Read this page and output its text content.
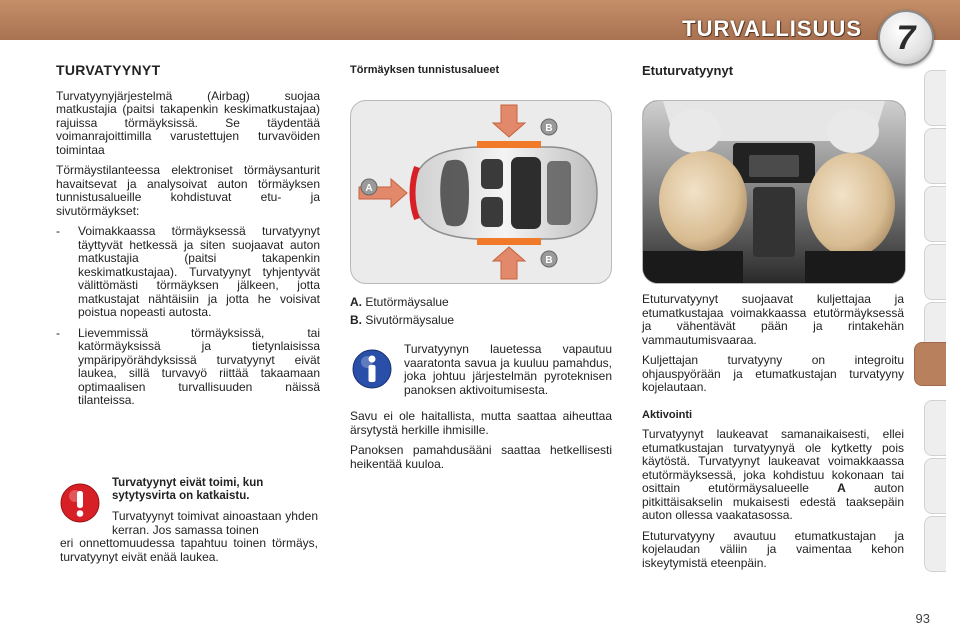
TURVALLISUUS 7
TURVATYYNYT

Turvatyynyjärjestelmä (Airbag) suojaa matkustajia (paitsi takapenkin keskimatkustajaa) rajuissa törmäyksissä. Se täydentää voimanrajoittimilla varustettujen turvavöiden toimintaa

Törmäystilanteessa elektroniset törmäysanturit havaitsevat ja analysoivat auton törmäyksen tunnistusalueille kohdistuvat etu- ja sivutörmäykset:

- Voimakkaassa törmäyksessä turvatyynyt täyttyvät hetkessä ja siten suojaavat auton matkustajia (paitsi takapenkin keskimatkustajaa). Turvatyynyt tyhjentyvät välittömästi törmäyksen jälkeen, jotta matkustajat nähtäisiin ja jotta he voisivat poistua nopeasti autosta.
- Lievemmissä törmäyksissä, tai katörmäyksissä ja tietynlaisissa ympäripyörähdyksissä turvatyynyt eivät laukea, sillä turvavyö riittää takaamaan optimaalisen turvallisuuden näissä tilanteissa.
Turvatyynyt eivät toimi, kun sytytysvirta on katkaistu.
Turvatyynyt toimivat ainoastaan yhden kerran. Jos samassa toinen
eri onnettomuudessa tapahtuu toinen törmäys, turvatyynyt eivät enää laukea.
Törmäyksen tunnistusalueet
A
B
B
A. Etutörmäysalue
B. Sivutörmäysalue
Turvatyynyn lauetessa vapautuu vaaratonta savua ja kuuluu pamahdus, joka johtuu järjestelmän pyroteknisen panoksen aktivoitumisesta.

Savu ei ole haitallista, mutta saattaa aiheuttaa ärsytystä herkille ihmisille.

Panoksen pamahdusääni saattaa hetkellisesti heikentää kuuloa.

Etuturvatyynyt

Etuturvatyynyt suojaavat kuljettajaa ja etumatkustajaa voimakkaassa etutörmäyksessä ja vähentävät pään ja rintakehän vammautumisvaaraa.

Kuljettajan turvatyyny on integroitu ohjauspyörään ja etumatkustajan turvatyyny kojelautaan.

Aktivointi

Turvatyynyt laukeavat samanaikaisesti, ellei etumatkustajan turvatyynyä ole kytketty pois käytöstä. Turvatyynyt laukeavat voimakkaassa etutörmäyksessä, joka kohdistuu kokonaan tai osittain etutörmäysalueelle A auton pitkittäisakselin mukaisesti edestä taaksepäin auton ollessa vaakatasossa.

Etuturvatyyny avautuu etumatkustajan ja kojelaudan väliin ja vaimentaa kehon iskeytymistä eteenpäin.

93
